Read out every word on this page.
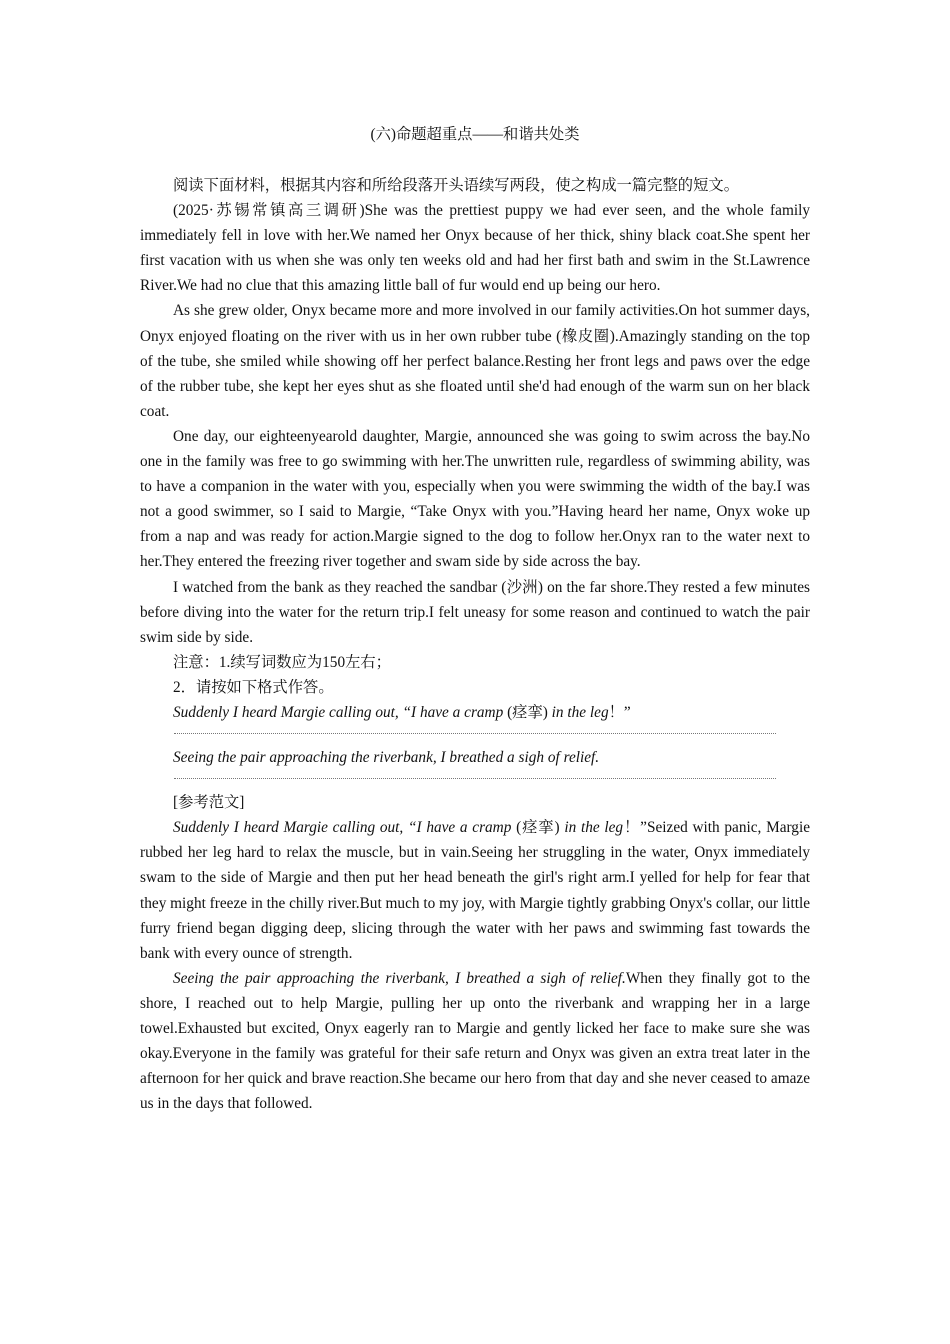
(六)命题超重点——和谐共处类

阅读下面材料，根据其内容和所给段落开头语续写两段，使之构成一篇完整的短文。

(2025·苏锡常镇高三调研)She was the prettiest puppy we had ever seen, and the whole family immediately fell in love with her.We named her Onyx because of her thick, shiny black coat.She spent her first vacation with us when she was only ten weeks old and had her first bath and swim in the St.Lawrence River.We had no clue that this amazing little ball of fur would end up being our hero.

As she grew older, Onyx became more and more involved in our family activities.On hot summer days, Onyx enjoyed floating on the river with us in her own rubber tube (橡皮圈).Amazingly standing on the top of the tube, she smiled while showing off her perfect balance.Resting her front legs and paws over the edge of the rubber tube, she kept her eyes shut as she floated until she'd had enough of the warm sun on her black coat.

One day, our eighteenyearold daughter, Margie, announced she was going to swim across the bay.No one in the family was free to go swimming with her.The unwritten rule, regardless of swimming ability, was to have a companion in the water with you, especially when you were swimming the width of the bay.I was not a good swimmer, so I said to Margie, “Take Onyx with you.”Having heard her name, Onyx woke up from a nap and was ready for action.Margie signed to the dog to follow her.Onyx ran to the water next to her.They entered the freezing river together and swam side by side across the bay.

I watched from the bank as they reached the sandbar (沙洲) on the far shore.They rested a few minutes before diving into the water for the return trip.I felt uneasy for some reason and continued to watch the pair swim side by side.

注意：1.续写词数应为150左右；

2．请按如下格式作答。

Suddenly I heard Margie calling out, “I have a cramp (痉挛) in the leg！”

Seeing the pair approaching the riverbank, I breathed a sigh of relief.

[参考范文]

Suddenly I heard Margie calling out, “I have a cramp (痉挛) in the leg！”Seized with panic, Margie rubbed her leg hard to relax the muscle, but in vain.Seeing her struggling in the water, Onyx immediately swam to the side of Margie and then put her head beneath the girl's right arm.I yelled for help for fear that they might freeze in the chilly river.But much to my joy, with Margie tightly grabbing Onyx's collar, our little furry friend began digging deep, slicing through the water with her paws and swimming fast towards the bank with every ounce of strength.

Seeing the pair approaching the riverbank, I breathed a sigh of relief.When they finally got to the shore, I reached out to help Margie, pulling her up onto the riverbank and wrapping her in a large towel.Exhausted but excited, Onyx eagerly ran to Margie and gently licked her face to make sure she was okay.Everyone in the family was grateful for their safe return and Onyx was given an extra treat later in the afternoon for her quick and brave reaction.She became our hero from that day and she never ceased to amaze us in the days that followed.
